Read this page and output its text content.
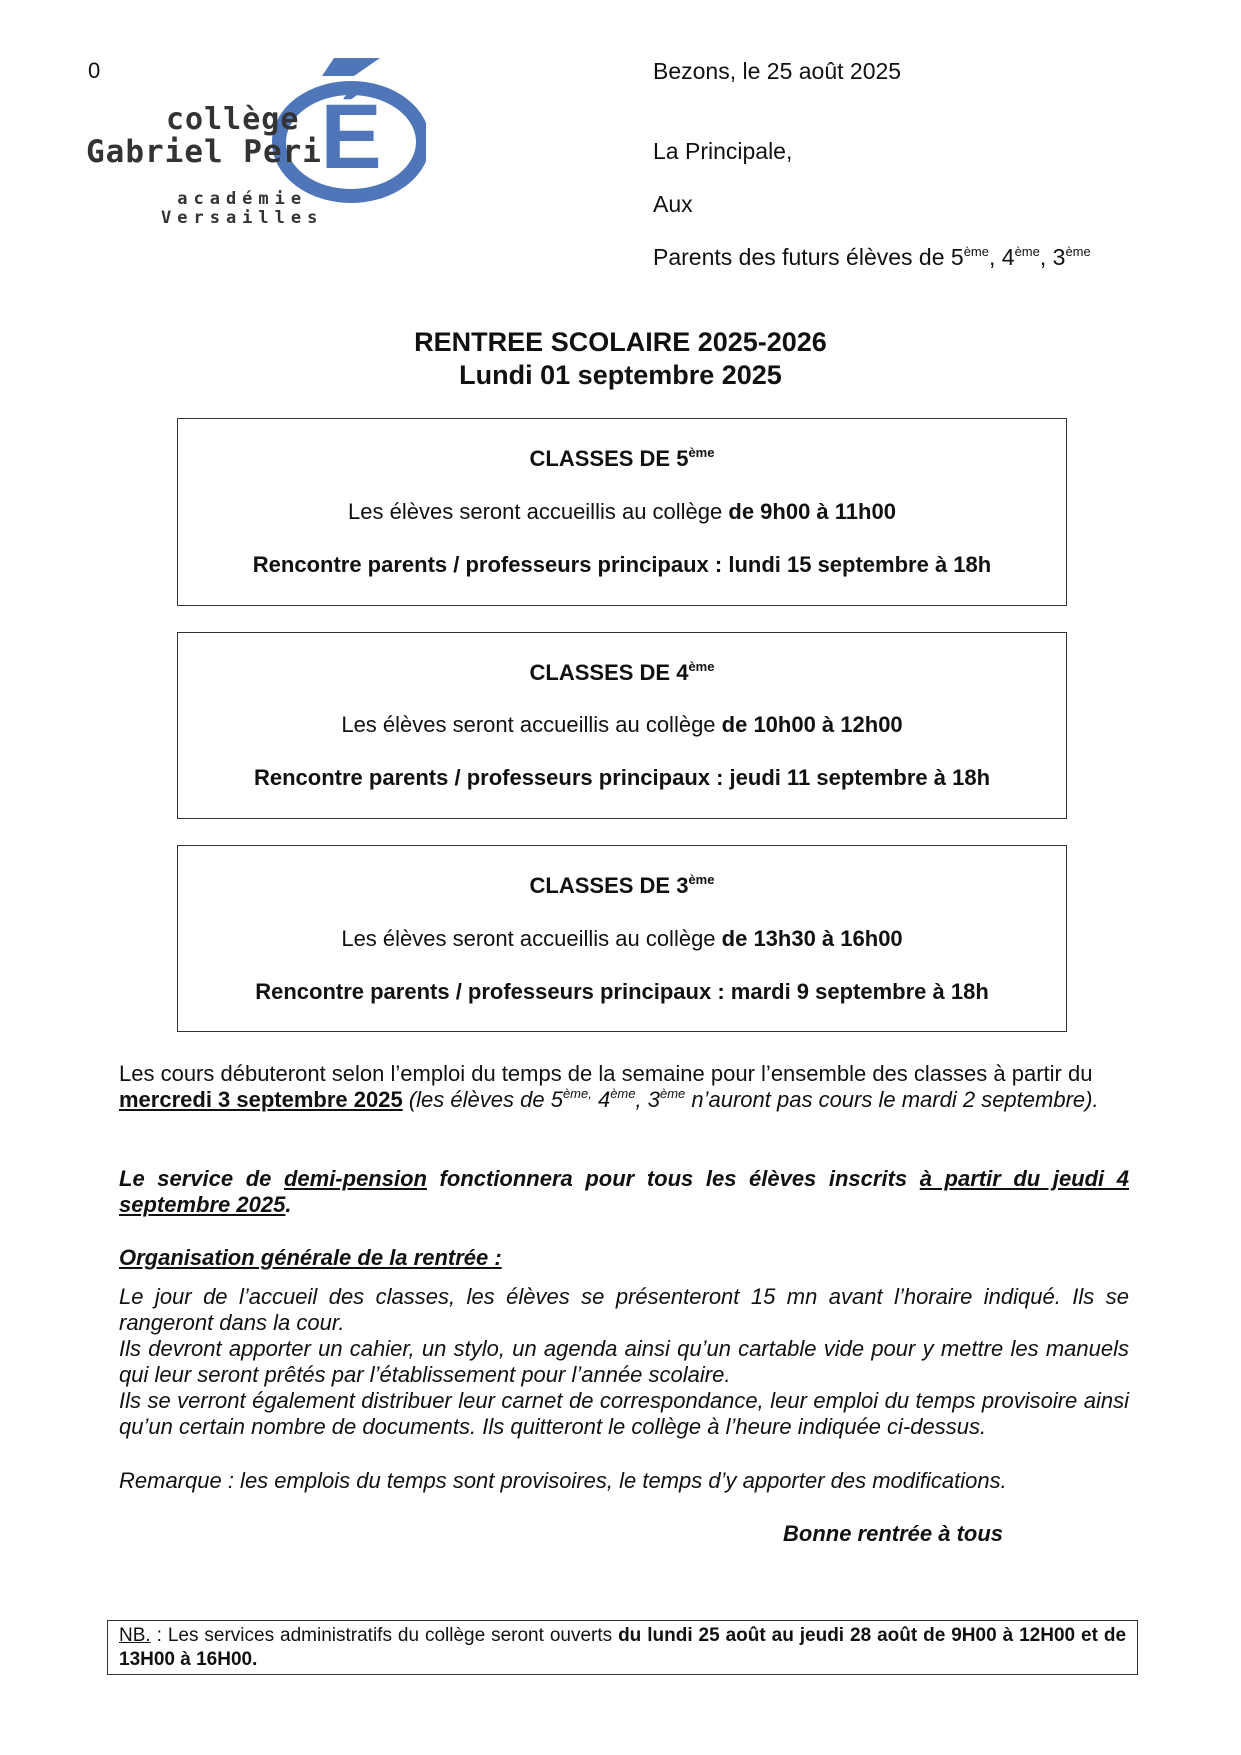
0
É
collège
Gabriel Peri
académie
Versailles
Bezons, le 25 août 2025
La Principale,
Aux
Parents des futurs élèves de 5ème, 4ème, 3ème
RENTREE SCOLAIRE 2025-2026
Lundi 01 septembre 2025
CLASSES DE 5ème
Les élèves seront accueillis au collège de 9h00 à 11h00
Rencontre parents / professeurs principaux : lundi 15 septembre à 18h
CLASSES DE 4ème
Les élèves seront accueillis au collège de 10h00 à 12h00
Rencontre parents / professeurs principaux : jeudi 11 septembre à 18h
CLASSES DE 3ème
Les élèves seront accueillis au collège de 13h30 à 16h00
Rencontre parents / professeurs principaux : mardi 9 septembre à 18h
Les cours débuteront selon l’emploi du temps de la semaine pour l’ensemble des classes à partir du
mercredi 3 septembre 2025 (les élèves de $5^{ème,}$ 4ème, 3ème n’auront pas cours le mardi 2 septembre).
Le service de demi-pension fonctionnera pour tous les élèves inscrits à partir du jeudi 4 septembre 2025.
Organisation générale de la rentrée :
Le jour de l’accueil des classes, les élèves se présenteront 15 mn avant l’horaire indiqué. Ils se rangeront dans la cour.
Ils devront apporter un cahier, un stylo, un agenda ainsi qu’un cartable vide pour y mettre les manuels qui leur seront prêtés par l’établissement pour l’année scolaire.
Ils se verront également distribuer leur carnet de correspondance, leur emploi du temps provisoire ainsi qu’un certain nombre de documents. Ils quitteront le collège à l’heure indiquée ci-dessus.
Remarque : les emplois du temps sont provisoires, le temps d’y apporter des modifications.
Bonne rentrée à tous
NB. : Les services administratifs du collège seront ouverts du lundi 25 août au jeudi 28 août de 9H00 à 12H00 et de 13H00 à 16H00.
